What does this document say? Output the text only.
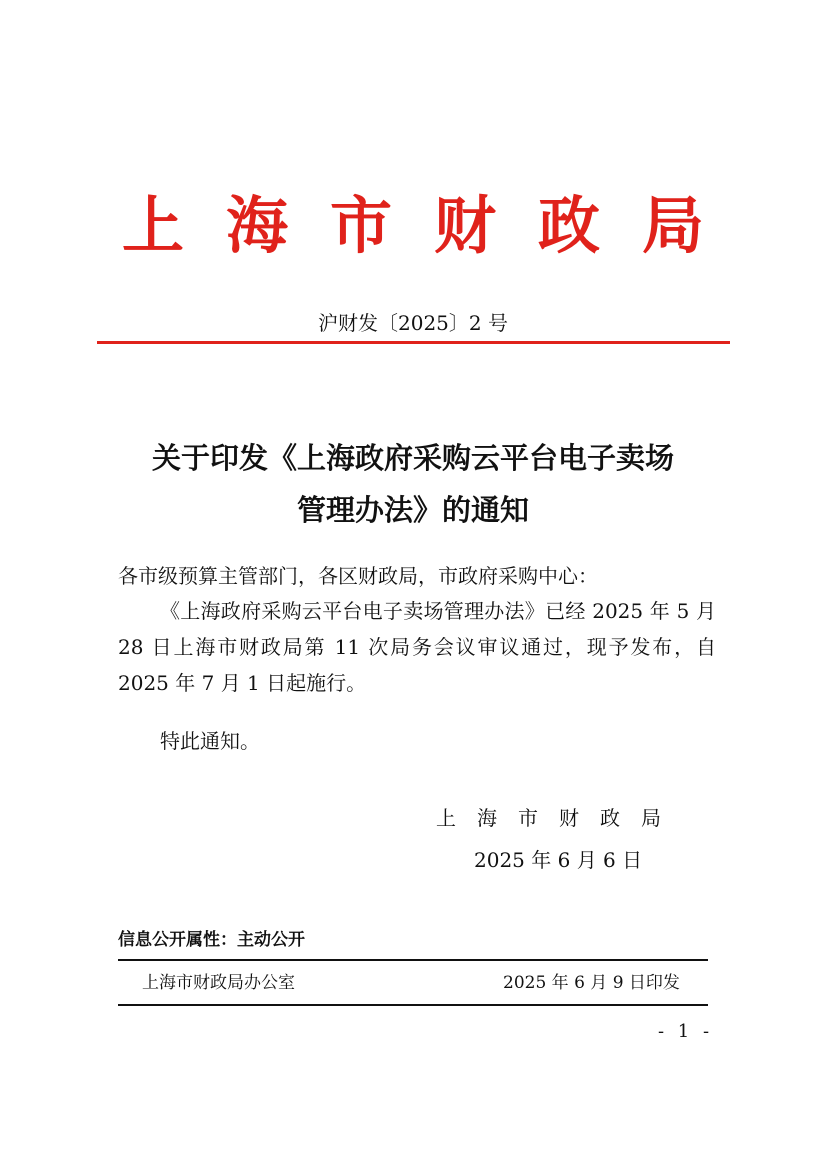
上海市财政局
沪财发〔2025〕2 号
关于印发《上海政府采购云平台电子卖场
管理办法》的通知
各市级预算主管部门，各区财政局，市政府采购中心：
《上海政府采购云平台电子卖场管理办法》已经 2025 年 5 月 28 日上海市财政局第 11 次局务会议审议通过，现予发布，自 2025 年 7 月 1 日起施行。
特此通知。
上海市财政局
2025 年 6 月 6 日
信息公开属性：主动公开
上海市财政局办公室	2025 年 6 月 9 日印发
- 1 -
